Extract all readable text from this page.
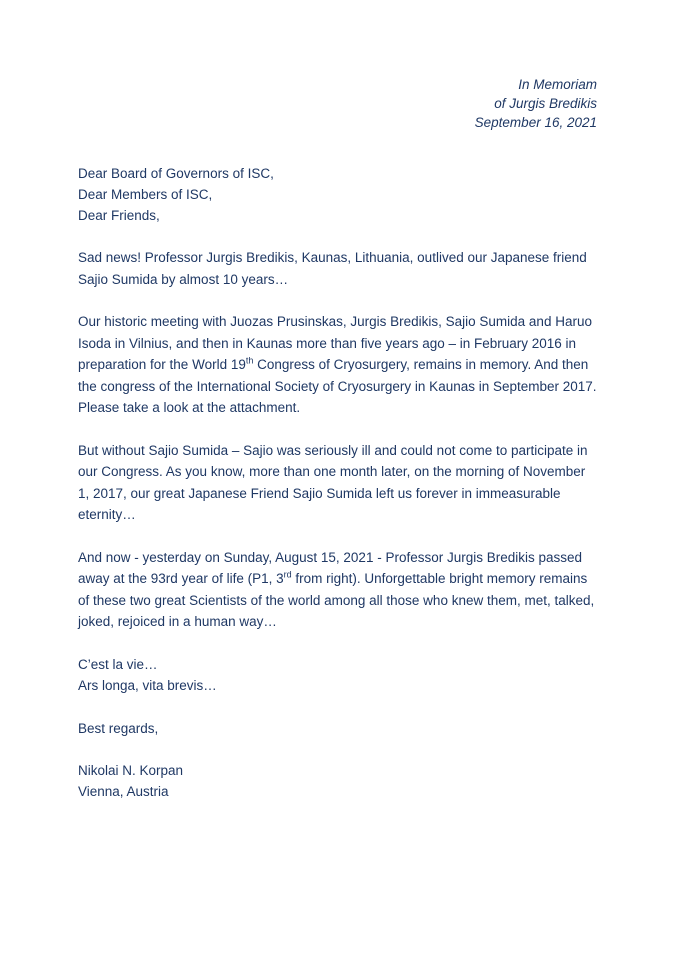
In Memoriam
of Jurgis Bredikis
September 16, 2021
Dear Board of Governors of ISC,
Dear Members of ISC,
Dear Friends,

Sad news! Professor Jurgis Bredikis, Kaunas, Lithuania, outlived our Japanese friend Sajio Sumida by almost 10 years…

Our historic meeting with Juozas Prusinskas, Jurgis Bredikis, Sajio Sumida and Haruo Isoda in Vilnius, and then in Kaunas more than five years ago – in February 2016 in preparation for the World 19th Congress of Cryosurgery, remains in memory. And then the congress of the International Society of Cryosurgery in Kaunas in September 2017. Please take a look at the attachment.

But without Sajio Sumida – Sajio was seriously ill and could not come to participate in our Congress. As you know, more than one month later, on the morning of November 1, 2017, our great Japanese Friend Sajio Sumida left us forever in immeasurable eternity…

And now - yesterday on Sunday, August 15, 2021 - Professor Jurgis Bredikis passed away at the 93rd year of life (P1, 3rd from right). Unforgettable bright memory remains of these two great Scientists of the world among all those who knew them, met, talked, joked, rejoiced in a human way…

C’est la vie…

Ars longa, vita brevis…

Best regards,

Nikolai N. Korpan
Vienna, Austria
